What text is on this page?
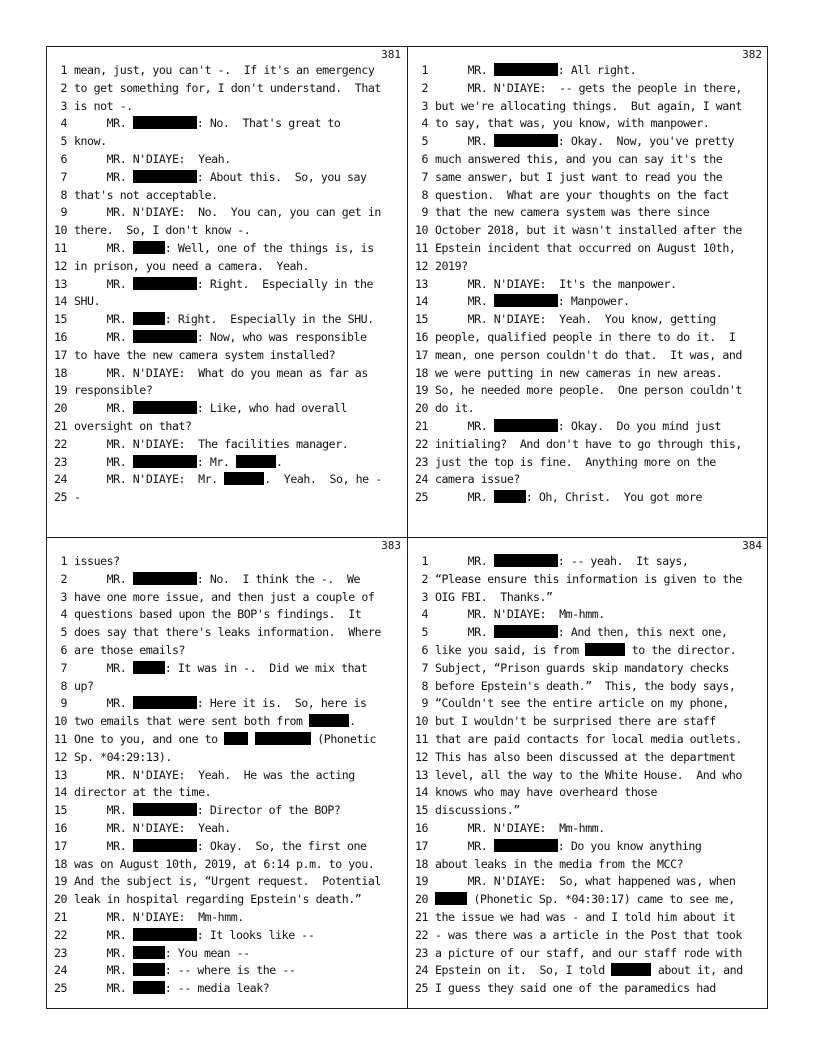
381
1 mean, just, you can't -.  If it's an emergency
2 to get something for, I don't understand.  That
3 is not -.
4 MR.	: No.  That's great to
5 know.
6 MR. N'DIAYE:  Yeah.
7 MR.	: About this.  So, you say
8 that's not acceptable.
9 MR. N'DIAYE:  No.  You can, you can get in
10 there.  So, I don't know -.
11 MR.	: Well, one of the things is, is
12 in prison, you need a camera.  Yeah.
13 MR.	: Right.  Especially in the
14 SHU.
15 MR.	: Right.  Especially in the SHU.
16 MR.	: Now, who was responsible
17 to have the new camera system installed?
18 MR. N'DIAYE:  What do you mean as far as
19 responsible?
20 MR.	: Like, who had overall
21 oversight on that?
22 MR. N'DIAYE:  The facilities manager.
23 MR.	: Mr.	.
24 MR. N'DIAYE:  Mr.	.  Yeah.  So, he -
25 -
382
1 MR.	: All right.
2 MR. N'DIAYE:  -- gets the people in there,
3 but we're allocating things.  But again, I want
4 to say, that was, you know, with manpower.
5 MR.	: Okay.  Now, you've pretty
6 much answered this, and you can say it's the
7 same answer, but I just want to read you the
8 question.  What are your thoughts on the fact
9 that the new camera system was there since
10 October 2018, but it wasn't installed after the
11 Epstein incident that occurred on August 10th,
12 2019?
13 MR. N'DIAYE:  It's the manpower.
14 MR.	: Manpower.
15 MR. N'DIAYE:  Yeah.  You know, getting
16 people, qualified people in there to do it.  I
17 mean, one person couldn't do that.  It was, and
18 we were putting in new cameras in new areas.
19 So, he needed more people.  One person couldn't
20 do it.
21 MR.	: Okay.  Do you mind just
22 initialing?  And don't have to go through this,
23 just the top is fine.  Anything more on the
24 camera issue?
25 MR.	: Oh, Christ.  You got more
383
1 issues?
2 MR.	: No.  I think the -.  We
3 have one more issue, and then just a couple of
4 questions based upon the BOP's findings.  It
5 does say that there's leaks information.  Where
6 are those emails?
7 MR.	: It was in -.  Did we mix that
8 up?
9 MR.	: Here it is.  So, here is
10 two emails that were sent both from	.
11 One to you, and one to	(Phonetic
12 Sp. *04:29:13).
13 MR. N'DIAYE:  Yeah.  He was the acting
14 director at the time.
15 MR.	: Director of the BOP?
16 MR. N'DIAYE:  Yeah.
17 MR.	: Okay.  So, the first one
18 was on August 10th, 2019, at 6:14 p.m. to you.
19 And the subject is, “Urgent request.  Potential
20 leak in hospital regarding Epstein's death.”
21 MR. N'DIAYE:  Mm-hmm.
22 MR.	: It looks like --
23 MR.	: You mean --
24 MR.	: -- where is the --
25 MR.	: -- media leak?
384
1 MR.	: -- yeah.  It says,
2 “Please ensure this information is given to the
3 OIG FBI.  Thanks.”
4 MR. N'DIAYE:  Mm-hmm.
5 MR.	: And then, this next one,
6 like you said, is from	to the director.
7 Subject, “Prison guards skip mandatory checks
8 before Epstein's death.”  This, the body says,
9 “Couldn't see the entire article on my phone,
10 but I wouldn't be surprised there are staff
11 that are paid contacts for local media outlets.
12 This has also been discussed at the department
13 level, all the way to the White House.  And who
14 knows who may have overheard those
15 discussions.”
16 MR. N'DIAYE:  Mm-hmm.
17 MR.	: Do you know anything
18 about leaks in the media from the MCC?
19 MR. N'DIAYE:  So, what happened was, when
20	(Phonetic Sp. *04:30:17) came to see me,
21 the issue we had was - and I told him about it
22 - was there was a article in the Post that took
23 a picture of our staff, and our staff rode with
24 Epstein on it.  So, I told	about it, and
25 I guess they said one of the paramedics had
